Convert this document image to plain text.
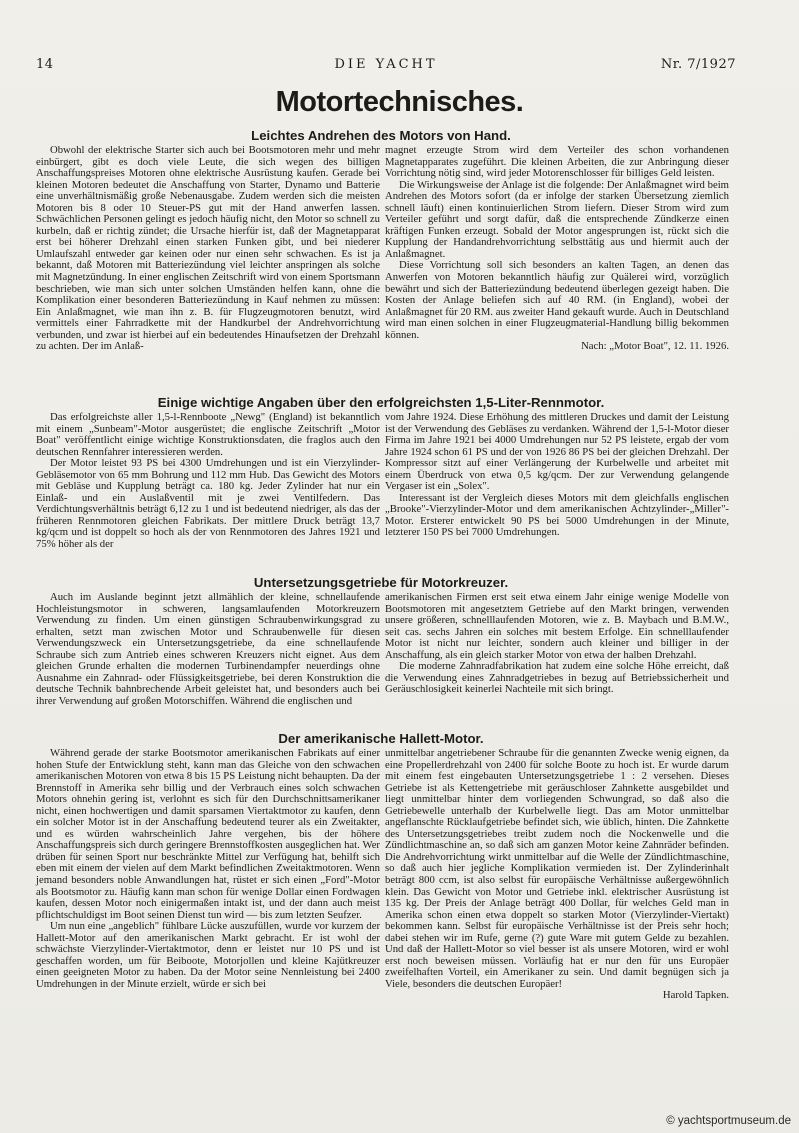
14	DIE YACHT	Nr. 7/1927
Motortechnisches.
Leichtes Andrehen des Motors von Hand.

Obwohl der elektrische Starter sich auch bei Bootsmotoren mehr und mehr einbürgert, gibt es doch viele Leute, die sich wegen des billigen Anschaffungspreises Motoren ohne elektrische Ausrüstung kaufen. Gerade bei kleinen Motoren bedeutet die Anschaffung von Starter, Dynamo und Batterie eine unverhältnismäßig große Nebenausgabe. Zudem werden sich die meisten Motoren bis 8 oder 10 Steuer-PS gut mit der Hand anwerfen lassen. Schwächlichen Personen gelingt es jedoch häufig nicht, den Motor so schnell zu kurbeln, daß er richtig zündet; die Ursache hierfür ist, daß der Magnetapparat erst bei höherer Drehzahl einen starken Funken gibt, und bei niederer Umlaufszahl entweder gar keinen oder nur einen sehr schwachen. Es ist ja bekannt, daß Motoren mit Batteriezündung viel leichter anspringen als solche mit Magnetzündung. In einer englischen Zeitschrift wird von einem Sportsmann beschrieben, wie man sich unter solchen Umständen helfen kann, ohne die Komplikation einer besonderen Batteriezündung in Kauf nehmen zu müssen: Ein Anlaßmagnet, wie man ihn z. B. für Flugzeugmotoren benutzt, wird vermittels einer Fahrradkette mit der Handkurbel der Andrehvorrichtung verbunden, und zwar ist hierbei auf ein bedeutendes Hinaufsetzen der Drehzahl zu achten. Der im Anlaß-

magnet erzeugte Strom wird dem Verteiler des schon vorhandenen Magnetapparates zugeführt. Die kleinen Arbeiten, die zur Anbringung dieser Vorrichtung nötig sind, wird jeder Motorenschlosser für billiges Geld leisten.

Die Wirkungsweise der Anlage ist die folgende: Der Anlaßmagnet wird beim Andrehen des Motors sofort (da er infolge der starken Übersetzung ziemlich schnell läuft) einen kontinuierlichen Strom liefern. Dieser Strom wird zum Verteiler geführt und sorgt dafür, daß die entsprechende Zündkerze einen kräftigen Funken erzeugt. Sobald der Motor angesprungen ist, rückt sich die Kupplung der Handandrehvorrichtung selbsttätig aus und hiermit auch der Anlaßmagnet.

Diese Vorrichtung soll sich besonders an kalten Tagen, an denen das Anwerfen von Motoren bekanntlich häufig zur Quälerei wird, vorzüglich bewährt und sich der Batteriezündung bedeutend überlegen gezeigt haben. Die Kosten der Anlage beliefen sich auf 40 RM. (in England), wobei der Anlaßmagnet für 20 RM. aus zweiter Hand gekauft wurde. Auch in Deutschland wird man einen solchen in einer Flugzeugmaterial-Handlung billig bekommen können.

Nach: „Motor Boat", 12. 11. 1926.

Einige wichtige Angaben über den erfolgreichsten 1,5-Liter-Rennmotor.

Das erfolgreichste aller 1,5-l-Rennboote „Newg" (England) ist bekanntlich mit einem „Sunbeam"-Motor ausgerüstet; die englische Zeitschrift „Motor Boat" veröffentlicht einige wichtige Konstruktionsdaten, die fraglos auch den deutschen Rennfahrer interessieren werden.

Der Motor leistet 93 PS bei 4300 Umdrehungen und ist ein Vierzylinder-Gebläsemotor von 65 mm Bohrung und 112 mm Hub. Das Gewicht des Motors mit Gebläse und Kupplung beträgt ca. 180 kg. Jeder Zylinder hat nur ein Einlaß- und ein Auslaßventil mit je zwei Ventilfedern. Das Verdichtungsverhältnis beträgt 6,12 zu 1 und ist bedeutend niedriger, als das der früheren Rennmotoren gleichen Fabrikats. Der mittlere Druck beträgt 13,7 kg/qcm und ist doppelt so hoch als der von Rennmotoren des Jahres 1921 und 75% höher als der

vom Jahre 1924. Diese Erhöhung des mittleren Druckes und damit der Leistung ist der Verwendung des Gebläses zu verdanken. Während der 1,5-l-Motor dieser Firma im Jahre 1921 bei 4000 Umdrehungen nur 52 PS leistete, ergab der vom Jahre 1924 schon 61 PS und der von 1926 86 PS bei der gleichen Drehzahl. Der Kompressor sitzt auf einer Verlängerung der Kurbelwelle und arbeitet mit einem Überdruck von etwa 0,5 kg/qcm. Der zur Verwendung gelangende Vergaser ist ein „Solex".

Interessant ist der Vergleich dieses Motors mit dem gleichfalls englischen „Brooke"-Vierzylinder-Motor und dem amerikanischen Achtzylinder-„Miller"-Motor. Ersterer entwickelt 90 PS bei 5000 Umdrehungen in der Minute, letzterer 150 PS bei 7000 Umdrehungen.

Untersetzungsgetriebe für Motorkreuzer.

Auch im Auslande beginnt jetzt allmählich der kleine, schnellaufende Hochleistungsmotor in schweren, langsamlaufenden Motorkreuzern Verwendung zu finden. Um einen günstigen Schraubenwirkungsgrad zu erhalten, setzt man zwischen Motor und Schraubenwelle für diesen Verwendungszweck ein Untersetzungsgetriebe, da eine schnellaufende Schraube sich zum Antrieb eines schweren Kreuzers nicht eignet. Aus dem gleichen Grunde erhalten die modernen Turbinendampfer neuerdings ohne Ausnahme ein Zahnrad- oder Flüssigkeitsgetriebe, bei deren Konstruktion die deutsche Technik bahnbrechende Arbeit geleistet hat, und besonders auch bei ihrer Verwendung auf großen Motorschiffen. Während die englischen und

amerikanischen Firmen erst seit etwa einem Jahr einige wenige Modelle von Bootsmotoren mit angesetztem Getriebe auf den Markt bringen, verwenden unsere größeren, schnelllaufenden Motoren, wie z. B. Maybach und B.M.W., seit cas. sechs Jahren ein solches mit bestem Erfolge. Ein schnelllaufender Motor ist nicht nur leichter, sondern auch kleiner und billiger in der Anschaffung, als ein gleich starker Motor von etwa der halben Drehzahl.

Die moderne Zahnradfabrikation hat zudem eine solche Höhe erreicht, daß die Verwendung eines Zahnradgetriebes in bezug auf Betriebssicherheit und Geräuschlosigkeit keinerlei Nachteile mit sich bringt.

Der amerikanische Hallett-Motor.

Während gerade der starke Bootsmotor amerikanischen Fabrikats auf einer hohen Stufe der Entwicklung steht, kann man das Gleiche von den schwachen amerikanischen Motoren von etwa 8 bis 15 PS Leistung nicht behaupten. Da der Brennstoff in Amerika sehr billig und der Verbrauch eines solch schwachen Motors ohnehin gering ist, verlohnt es sich für den Durchschnittsamerikaner nicht, einen hochwertigen und damit sparsamen Viertaktmotor zu kaufen, denn ein solcher Motor ist in der Anschaffung bedeutend teurer als ein Zweitakter, und es würden wahrscheinlich Jahre vergehen, bis der höhere Anschaffungspreis sich durch geringere Brennstoffkosten ausgeglichen hat. Wer drüben für seinen Sport nur beschränkte Mittel zur Verfügung hat, behilft sich eben mit einem der vielen auf dem Markt befindlichen Zweitaktmotoren. Wenn jemand besonders noble Anwandlungen hat, rüstet er sich einen „Ford"-Motor als Bootsmotor zu. Häufig kann man schon für wenige Dollar einen Fordwagen kaufen, dessen Motor noch einigermaßen intakt ist, und der dann auch meist pflichtschuldigst im Boot seinen Dienst tun wird — bis zum letzten Seufzer.

Um nun eine „angeblich" fühlbare Lücke auszufüllen, wurde vor kurzem der Hallett-Motor auf den amerikanischen Markt gebracht. Er ist wohl der schwächste Vierzylinder-Viertaktmotor, denn er leistet nur 10 PS und ist geschaffen worden, um für Beiboote, Motorjollen und kleine Kajütkreuzer einen geeigneten Motor zu haben. Da der Motor seine Nennleistung bei 2400 Umdrehungen in der Minute erzielt, würde er sich bei

unmittelbar angetriebener Schraube für die genannten Zwecke wenig eignen, da eine Propellerdrehzahl von 2400 für solche Boote zu hoch ist. Er wurde darum mit einem fest eingebauten Untersetzungsgetriebe 1 : 2 versehen. Dieses Getriebe ist als Kettengetriebe mit geräuschloser Zahnkette ausgebildet und liegt unmittelbar hinter dem vorliegenden Schwungrad, so daß also die Getriebewelle unterhalb der Kurbelwelle liegt. Das am Motor unmittelbar angeflanschte Rücklaufgetriebe befindet sich, wie üblich, hinten. Die Zahnkette des Untersetzungsgetriebes treibt zudem noch die Nockenwelle und die Zündlichtmaschine an, so daß sich am ganzen Motor keine Zahnräder befinden. Die Andrehvorrichtung wirkt unmittelbar auf die Welle der Zündlichtmaschine, so daß auch hier jegliche Komplikation vermieden ist. Der Zylinderinhalt beträgt 800 ccm, ist also selbst für europäische Verhältnisse außergewöhnlich klein. Das Gewicht von Motor und Getriebe inkl. elektrischer Ausrüstung ist 135 kg. Der Preis der Anlage beträgt 400 Dollar, für welches Geld man in Amerika schon einen etwa doppelt so starken Motor (Vierzylinder-Viertakt) bekommen kann. Selbst für europäische Verhältnisse ist der Preis sehr hoch; dabei stehen wir im Rufe, gerne (?) gute Ware mit gutem Gelde zu bezahlen. Und daß der Hallett-Motor so viel besser ist als unsere Motoren, wird er wohl erst noch beweisen müssen. Vorläufig hat er nur den für uns Europäer zweifelhaften Vorteil, ein Amerikaner zu sein. Und damit begnügen sich ja Viele, besonders die deutschen Europäer!

Harold Tapken.

© yachtsportmuseum.de
